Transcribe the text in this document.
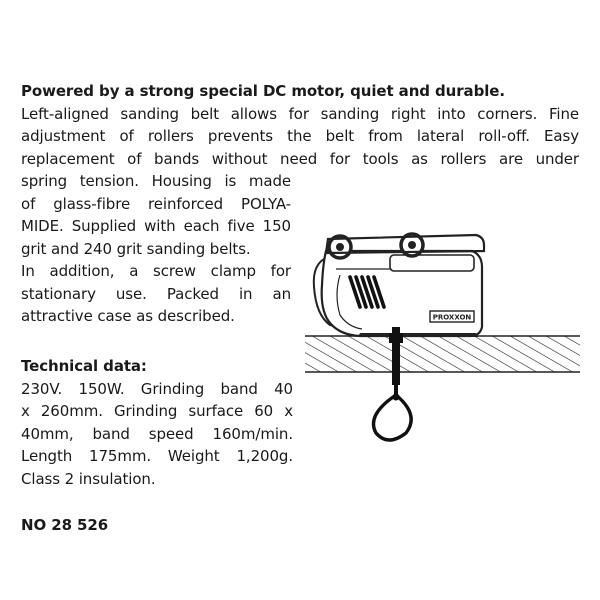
Powered by a strong special DC motor, quiet and durable.
Left-aligned sanding belt allows for sanding right into corners. Fine
adjustment of rollers prevents the belt from lateral roll-off. Easy
replacement of bands without need for tools as rollers are under
spring tension. Housing is made
of glass-fibre reinforced POLYA-
MIDE. Supplied with each five 150
grit and 240 grit sanding belts.
In addition, a screw clamp for
stationary use. Packed in an
attractive case as described.
Technical data:
230V. 150W. Grinding band 40
x 260mm. Grinding surface 60 x
40mm, band speed 160m/min.
Length 175mm. Weight 1,200g.
Class 2 insulation.
NO 28 526
PROXXON
